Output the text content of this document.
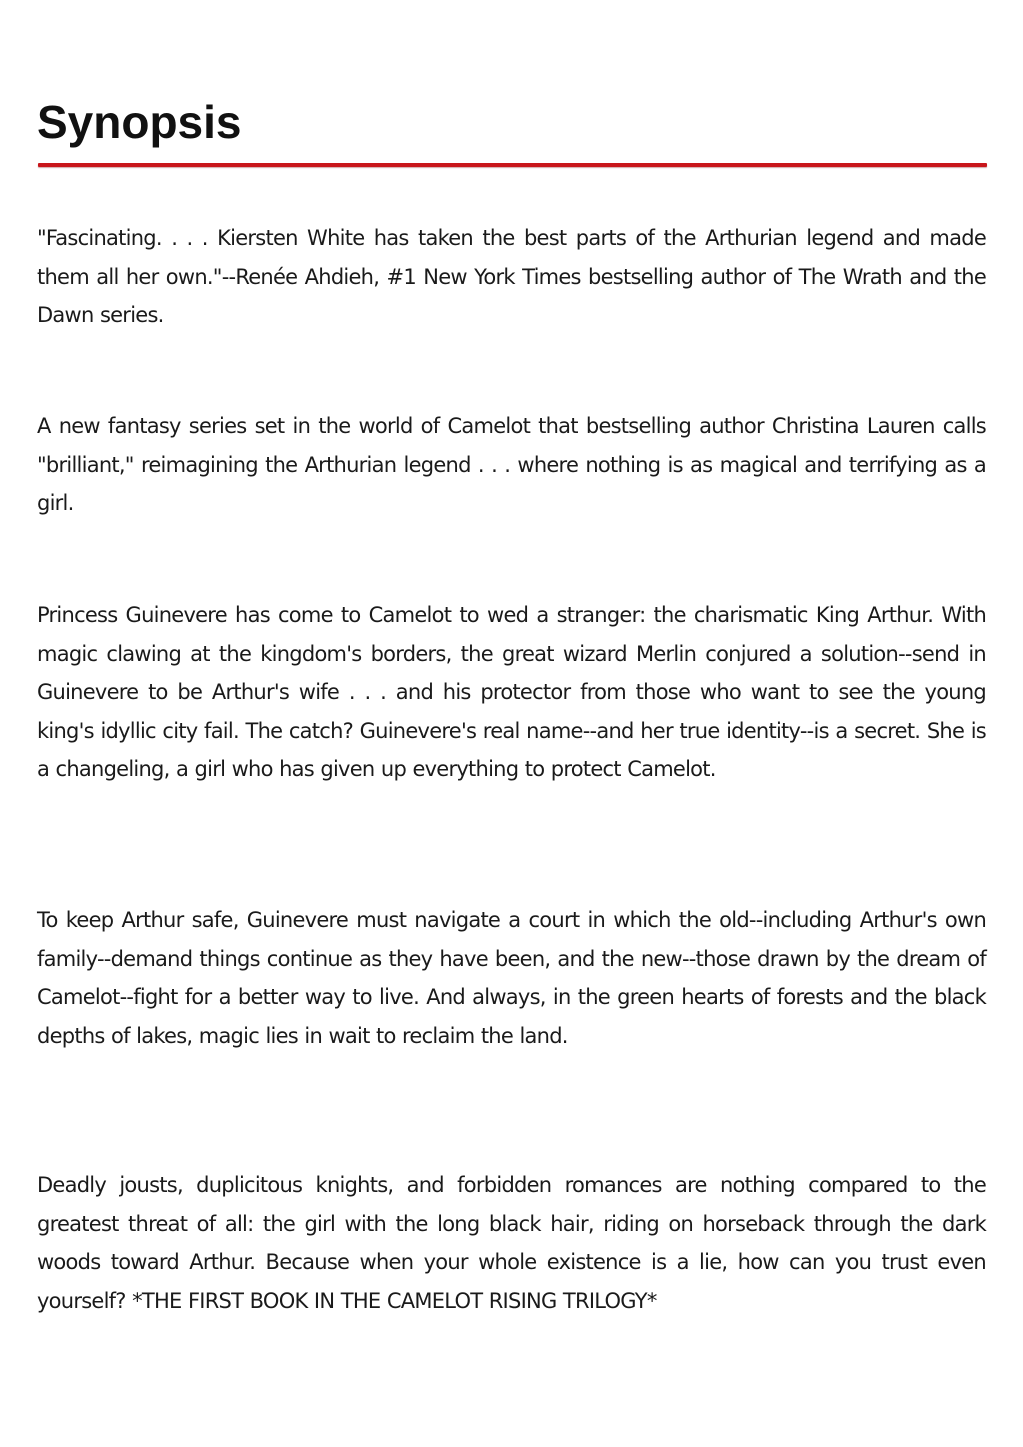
Synopsis

"Fascinating. . . . Kiersten White has taken the best parts of the Arthurian legend and made them all her own."--Renée Ahdieh, #1 New York Times bestselling author of The Wrath and the Dawn series.

A new fantasy series set in the world of Camelot that bestselling author Christina Lauren calls "brilliant," reimagining the Arthurian legend . . . where nothing is as magical and terrifying as a girl.

Princess Guinevere has come to Camelot to wed a stranger: the charismatic King Arthur. With magic clawing at the kingdom's borders, the great wizard Merlin conjured a solution--send in Guinevere to be Arthur's wife . . . and his protector from those who want to see the young king's idyllic city fail. The catch? Guinevere's real name--and her true identity--is a secret. She is a changeling, a girl who has given up everything to protect Camelot.

To keep Arthur safe, Guinevere must navigate a court in which the old--including Arthur's own family--demand things continue as they have been, and the new--those drawn by the dream of Camelot--fight for a better way to live. And always, in the green hearts of forests and the black depths of lakes, magic lies in wait to reclaim the land.

Deadly jousts, duplicitous knights, and forbidden romances are nothing compared to the greatest threat of all: the girl with the long black hair, riding on horseback through the dark woods toward Arthur. Because when your whole existence is a lie, how can you trust even yourself? *THE FIRST BOOK IN THE CAMELOT RISING TRILOGY*
